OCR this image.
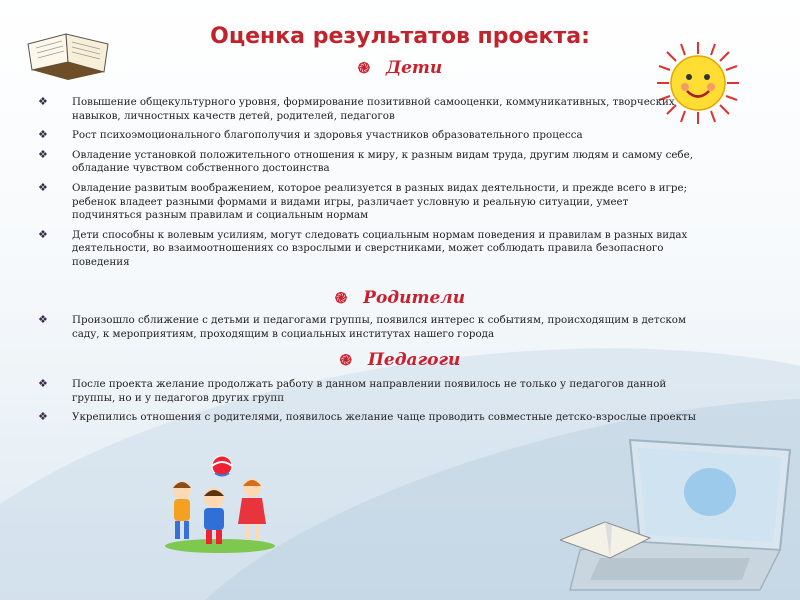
Оценка результатов проекта:
֎ Дети
❖ Повышение общекультурного уровня, формирование позитивной самооценки, коммуникативных, творческих навыков, личностных качеств детей, родителей, педагогов
❖ Рост психоэмоционального благополучия и здоровья участников образовательного процесса
❖ Овладение установкой положительного отношения к миру, к разным видам труда, другим людям и самому себе, обладание чувством собственного достоинства
❖ Овладение развитым воображением, которое реализуется в разных видах деятельности, и прежде всего в игре; ребенок владеет разными формами и видами игры, различает условную и реальную ситуации, умеет подчиняться разным правилам и социальным нормам
❖ Дети способны к волевым усилиям, могут следовать социальным нормам поведения и правилам в разных видах деятельности, во взаимоотношениях со взрослыми и сверстниками, может соблюдать правила безопасного поведения
֎ Родители
❖ Произошло сближение с детьми и педагогами группы, появился интерес к событиям, происходящим в детском саду, к мероприятиям, проходящим в социальных институтах нашего города
֎ Педагоги
❖ После проекта желание продолжать работу в данном направлении появилось не только у педагогов данной группы, но и у педагогов других групп
❖ Укрепились отношения с родителями, появилось желание чаще проводить совместные детско-взрослые проекты
